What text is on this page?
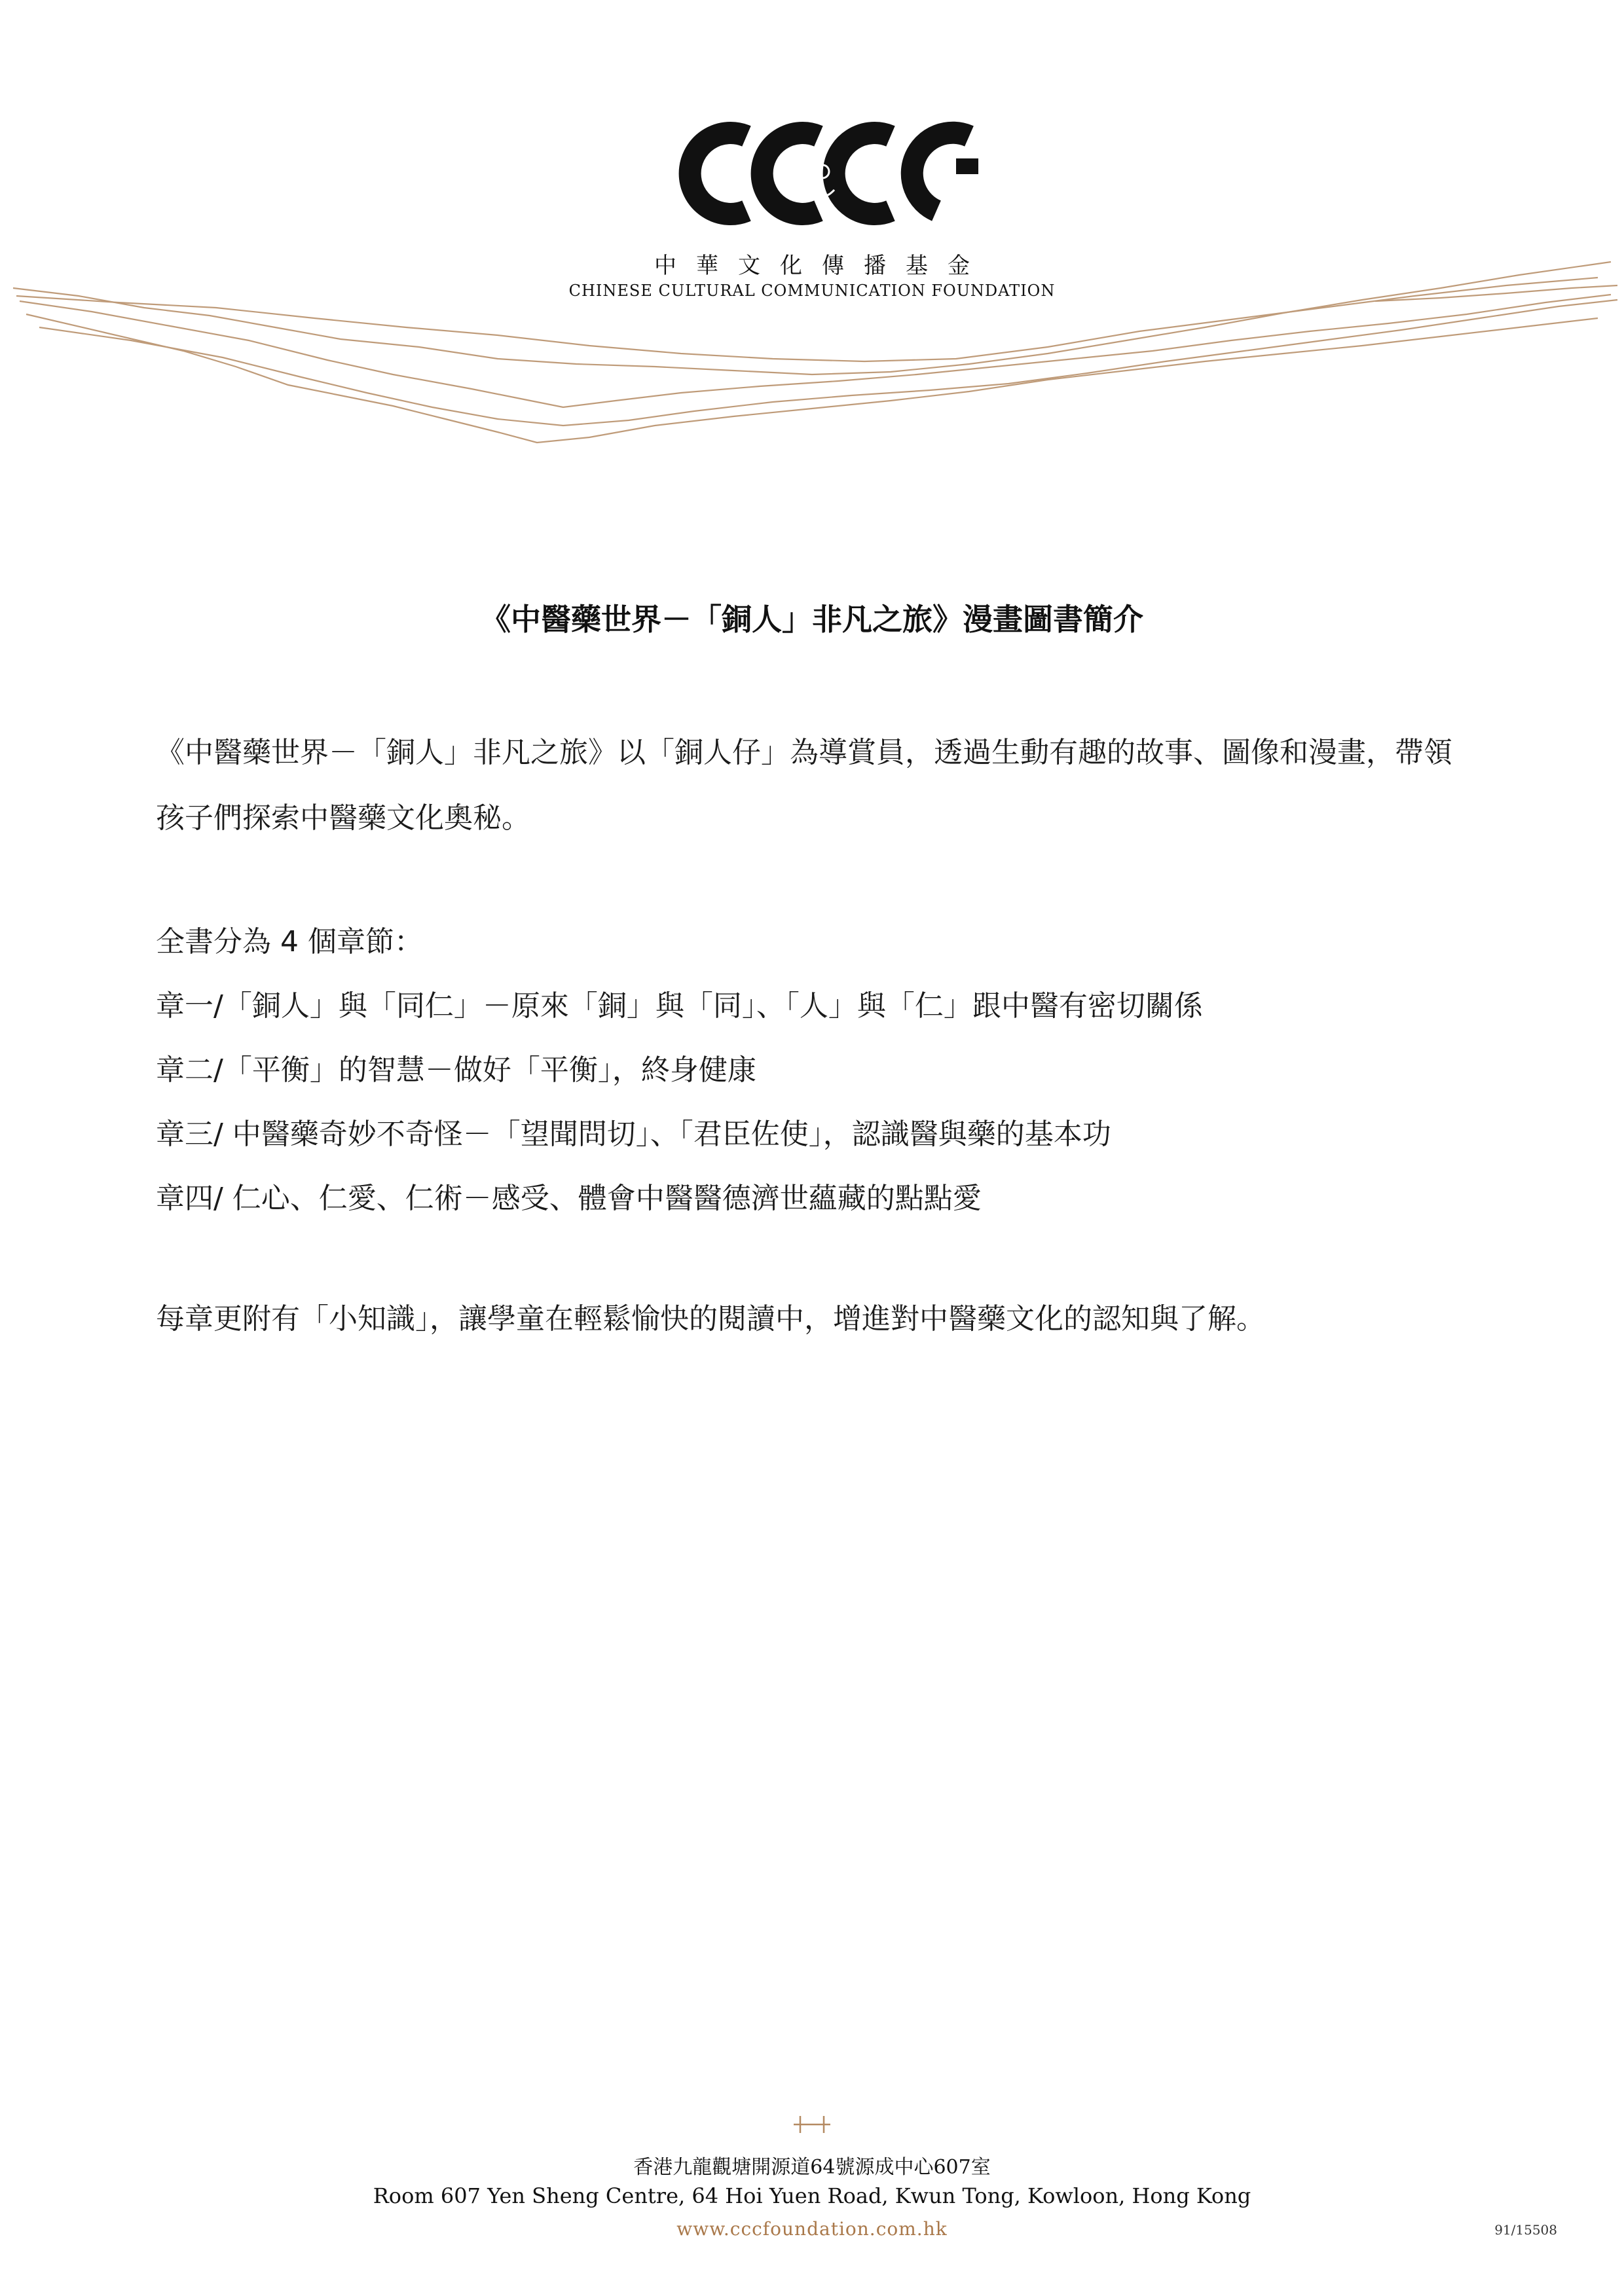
中華文化傳播基金
CHINESE CULTURAL COMMUNICATION FOUNDATION
《中醫藥世界－「銅人」非凡之旅》漫畫圖書簡介
《中醫藥世界－「銅人」非凡之旅》以「銅人仔」為導賞員，透過生動有趣的故事、圖像和漫畫，帶領孩子們探索中醫藥文化奧秘。
全書分為 4 個章節：
章一/「銅人」與「同仁」－原來「銅」與「同」、「人」與「仁」跟中醫有密切關係
章二/「平衡」的智慧－做好「平衡」，終身健康
章三/ 中醫藥奇妙不奇怪－「望聞問切」、「君臣佐使」，認識醫與藥的基本功
章四/ 仁心、仁愛、仁術－感受、體會中醫醫德濟世蘊藏的點點愛
每章更附有「小知識」，讓學童在輕鬆愉快的閱讀中，增進對中醫藥文化的認知與了解。
香港九龍觀塘開源道64號源成中心607室
Room 607 Yen Sheng Centre, 64 Hoi Yuen Road, Kwun Tong, Kowloon, Hong Kong
www.cccfoundation.com.hk	91/15508
